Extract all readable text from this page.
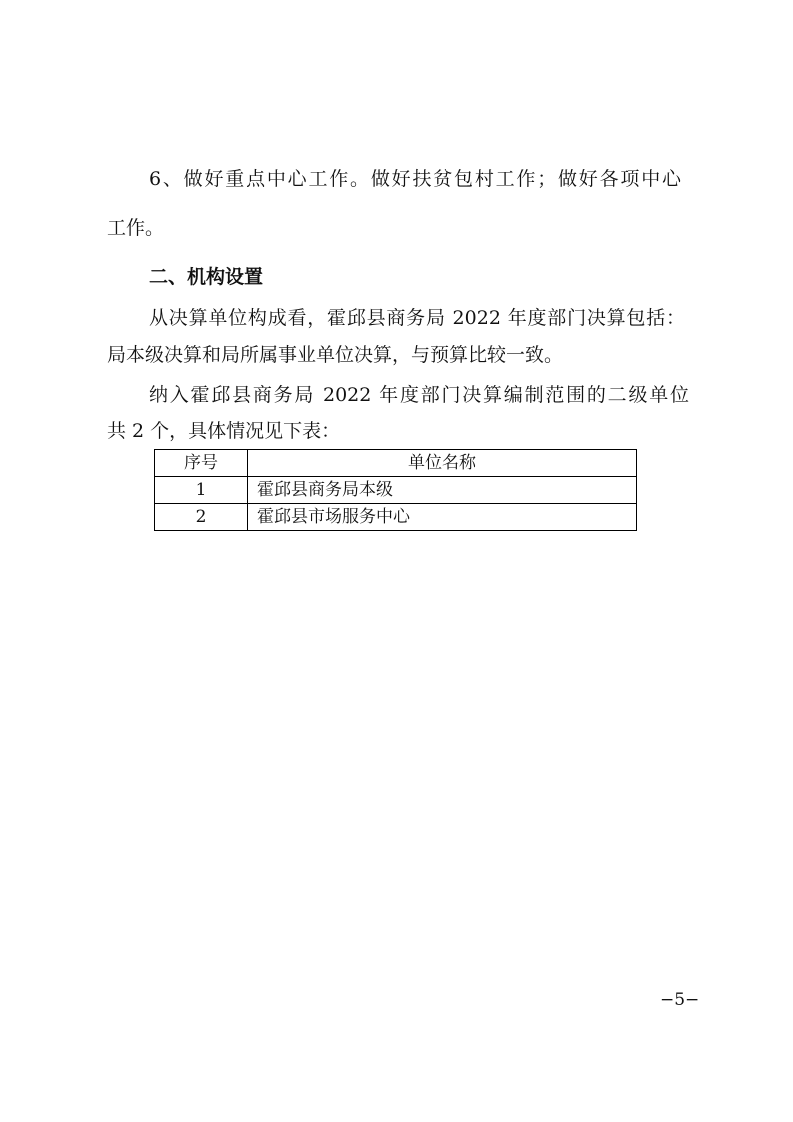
6、做好重点中心工作。做好扶贫包村工作；做好各项中心
工作。
二、机构设置
从决算单位构成看，霍邱县商务局 2022 年度部门决算包括：
局本级决算和局所属事业单位决算，与预算比较一致。
纳入霍邱县商务局 2022 年度部门决算编制范围的二级单位
共 2 个，具体情况见下表：
序号	单位名称
1	霍邱县商务局本级
2	霍邱县市场服务中心
−5−
